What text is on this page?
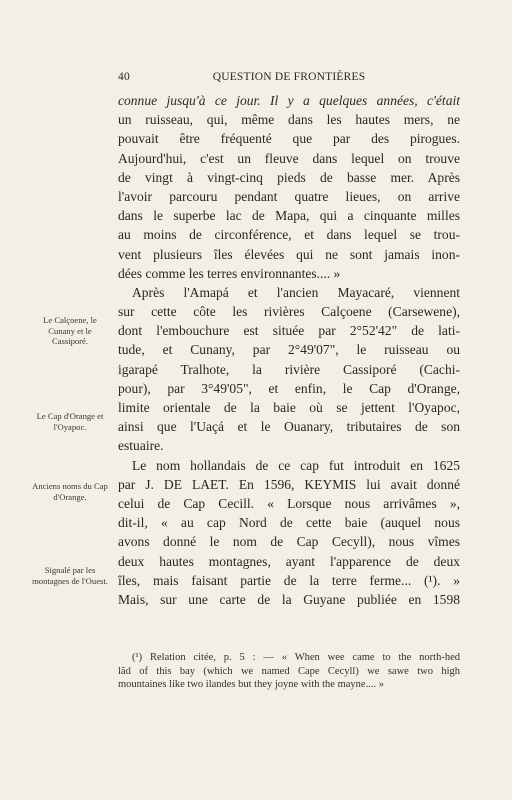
40	QUESTION DE FRONTIÈRES
connue jusqu'à ce jour. Il y a quelques années, c'était
un ruisseau, qui, même dans les hautes mers, ne
pouvait être fréquenté que par des pirogues.
Aujourd'hui, c'est un fleuve dans lequel on trouve
de vingt à vingt-cinq pieds de basse mer. Après
l'avoir parcouru pendant quatre lieues, on arrive
dans le superbe lac de Mapa, qui a cinquante milles
au moins de circonférence, et dans lequel se trou-
vent plusieurs îles élevées qui ne sont jamais inon-
dées comme les terres environnantes.... »
Après l'Amapá et l'ancien Mayacaré, viennent
sur cette côte les rivières Calçoene (Carsewene),
dont l'embouchure est située par 2°52'42" de lati-
tude, et Cunany, par 2°49'07", le ruisseau ou
igarapé Tralhote, la rivière Cassiporé (Cachi-
pour), par 3°49'05", et enfin, le Cap d'Orange,
limite orientale de la baie où se jettent l'Oyapoc,
ainsi que l'Uaçá et le Ouanary, tributaires de son
estuaire.
Le nom hollandais de ce cap fut introduit en 1625
par J. DE LAET. En 1596, KEYMIS lui avait donné
celui de Cap Cecill. « Lorsque nous arrivâmes »,
dit-il, « au cap Nord de cette baie (auquel nous
avons donné le nom de Cap Cecyll), nous vîmes
deux hautes montagnes, ayant l'apparence de deux
îles, mais faisant partie de la terre ferme... (¹). »
Mais, sur une carte de la Guyane publiée en 1598
Le Calçoene, le Cunany et le Cassiporé.
Le Cap d'Orange et l'Oyapoc.
Anciens noms du Cap d'Orange.
Signalé par les montagnes de l'Ouest.
(¹) Relation citée, p. 5 : — « When wee came to the north-hed
lãd of this bay (which we named Cape Cecyll) we sawe two high
mountaines like two ilandes but they joyne with the mayne.... »
